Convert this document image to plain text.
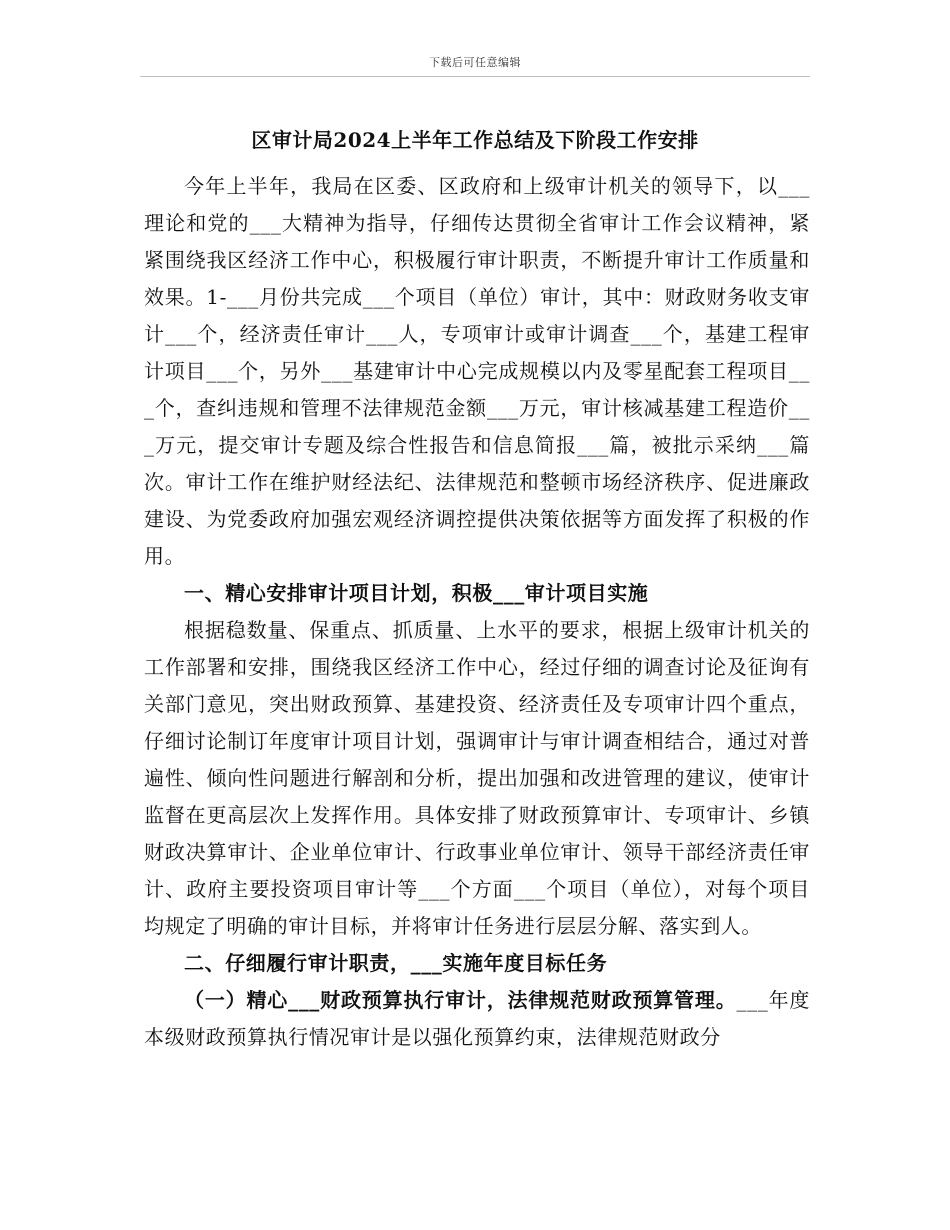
下载后可任意编辑
区审计局2024上半年工作总结及下阶段工作安排

今年上半年，我局在区委、区政府和上级审计机关的领导下，以___理论和党的___大精神为指导，仔细传达贯彻全省审计工作会议精神，紧紧围绕我区经济工作中心，积极履行审计职责，不断提升审计工作质量和效果。1-___月份共完成___个项目（单位）审计，其中：财政财务收支审计___个，经济责任审计___人，专项审计或审计调查___个，基建工程审计项目___个，另外___基建审计中心完成规模以内及零星配套工程项目___个，查纠违规和管理不法律规范金额___万元，审计核减基建工程造价___万元，提交审计专题及综合性报告和信息简报___篇，被批示采纳___篇次。审计工作在维护财经法纪、法律规范和整顿市场经济秩序、促进廉政建设、为党委政府加强宏观经济调控提供决策依据等方面发挥了积极的作用。

一、精心安排审计项目计划，积极___审计项目实施

根据稳数量、保重点、抓质量、上水平的要求，根据上级审计机关的工作部署和安排，围绕我区经济工作中心，经过仔细的调查讨论及征询有关部门意见，突出财政预算、基建投资、经济责任及专项审计四个重点，仔细讨论制订年度审计项目计划，强调审计与审计调查相结合，通过对普遍性、倾向性问题进行解剖和分析，提出加强和改进管理的建议，使审计监督在更高层次上发挥作用。具体安排了财政预算审计、专项审计、乡镇财政决算审计、企业单位审计、行政事业单位审计、领导干部经济责任审计、政府主要投资项目审计等___个方面___个项目（单位），对每个项目均规定了明确的审计目标，并将审计任务进行层层分解、落实到人。

二、仔细履行审计职责，___实施年度目标任务

（一）精心___财政预算执行审计，法律规范财政预算管理。___年度本级财政预算执行情况审计是以强化预算约束，法律规范财政分
